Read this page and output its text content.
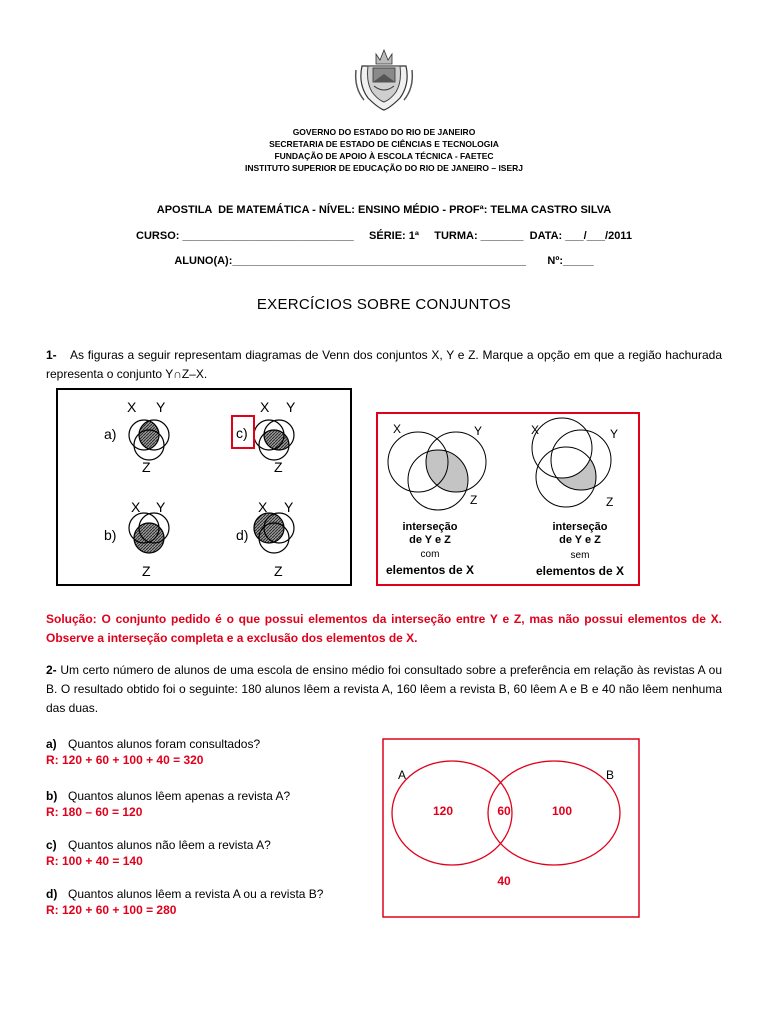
GOVERNO DO ESTADO DO RIO DE JANEIRO
SECRETARIA DE ESTADO DE CIÊNCIAS E TECNOLOGIA
FUNDAÇÃO DE APOIO À ESCOLA TÉCNICA - FAETEC
INSTITUTO SUPERIOR DE EDUCAÇÃO DO RIO DE JANEIRO – ISERJ
APOSTILA  DE MATEMÁTICA - NÍVEL: ENSINO MÉDIO - PROFª: TELMA CASTRO SILVA
CURSO: ____________________________     SÉRIE: 1ª     TURMA: _______  DATA: ___/___/2011
ALUNO(A):________________________________________________       Nº:_____
EXERCÍCIOS SOBRE CONJUNTOS
1- As figuras a seguir representam diagramas de Venn dos conjuntos X, Y e Z. Marque a opção em que a região hachurada representa o conjunto Y∩Z–X.
a)
X Y
Z
c)
X Y
Z
b)
X Y
Z
d)
X Y
Z
X	Y
Z
interseção
de Y e Z
com
elementos de X
X	Y
Z
interseção
de Y e Z
sem
elementos de X
Solução: O conjunto pedido é o que possui elementos da interseção entre Y e Z, mas não possui elementos de X. Observe a interseção completa e a exclusão dos elementos de X.
2- Um certo número de alunos de uma escola de ensino médio foi consultado sobre a preferência em relação às revistas A ou B. O resultado obtido foi o seguinte: 180 alunos lêem a revista A, 160 lêem a revista B, 60 lêem A e B e 40 não lêem nenhuma das duas.
a) Quantos alunos foram consultados?
R: 120 + 60 + 100 + 40 = 320
b) Quantos alunos lêem apenas a revista A?
R: 180 – 60 = 120
c) Quantos alunos não lêem a revista A?
R: 100 + 40 = 140
d) Quantos alunos lêem a revista A ou a revista B?
R: 120 + 60 + 100 = 280
A	B
120	60	100
40
